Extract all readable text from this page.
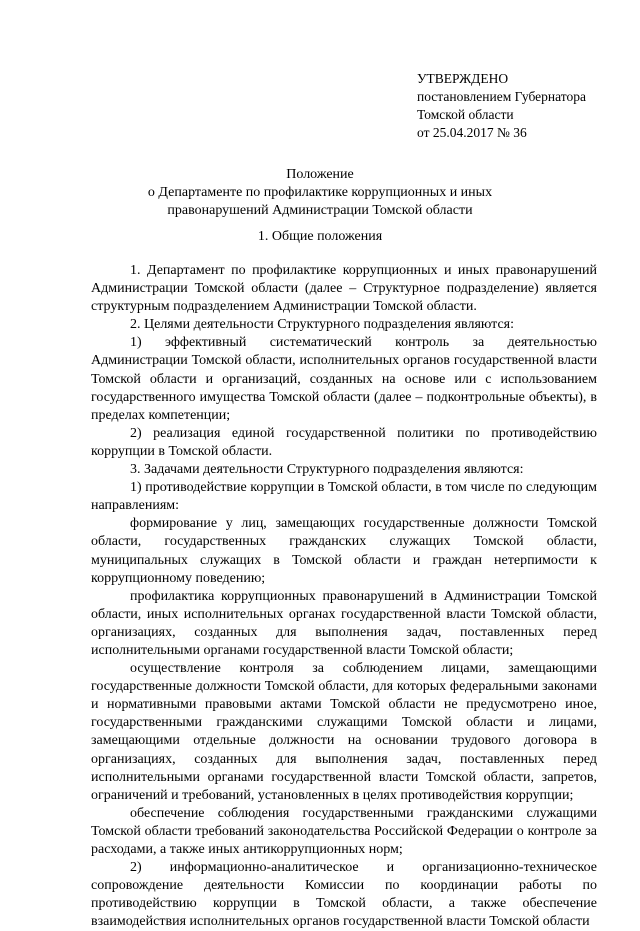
УТВЕРЖДЕНО
постановлением Губернатора
Томской области
от 25.04.2017 № 36
Положение
о Департаменте по профилактике коррупционных и иных
правонарушений Администрации Томской области
1. Общие положения

1. Департамент по профилактике коррупционных и иных правонарушений Администрации Томской области (далее – Структурное подразделение) является структурным подразделением Администрации Томской области.

2. Целями деятельности Структурного подразделения являются:

1) эффективный систематический контроль за деятельностью Администрации Томской области, исполнительных органов государственной власти Томской области и организаций, созданных на основе или с использованием государственного имущества Томской области (далее – подконтрольные объекты), в пределах компетенции;

2) реализация единой государственной политики по противодействию коррупции в Томской области.

3. Задачами деятельности Структурного подразделения являются:

1) противодействие коррупции в Томской области, в том числе по следующим направлениям:

формирование у лиц, замещающих государственные должности Томской области, государственных гражданских служащих Томской области, муниципальных служащих в Томской области и граждан нетерпимости к коррупционному поведению;

профилактика коррупционных правонарушений в Администрации Томской области, иных исполнительных органах государственной власти Томской области, организациях, созданных для выполнения задач, поставленных перед исполнительными органами государственной власти Томской области;

осуществление контроля за соблюдением лицами, замещающими государственные должности Томской области, для которых федеральными законами и нормативными правовыми актами Томской области не предусмотрено иное, государственными гражданскими служащими Томской области и лицами, замещающими отдельные должности на основании трудового договора в организациях, созданных для выполнения задач, поставленных перед исполнительными органами государственной власти Томской области, запретов, ограничений и требований, установленных в целях противодействия коррупции;

обеспечение соблюдения государственными гражданскими служащими Томской области требований законодательства Российской Федерации о контроле за расходами, а также иных антикоррупционных норм;

2) информационно-аналитическое и организационно-техническое сопровождение деятельности Комиссии по координации работы по противодействию коррупции в Томской области, а также обеспечение взаимодействия исполнительных органов государственной власти Томской области
